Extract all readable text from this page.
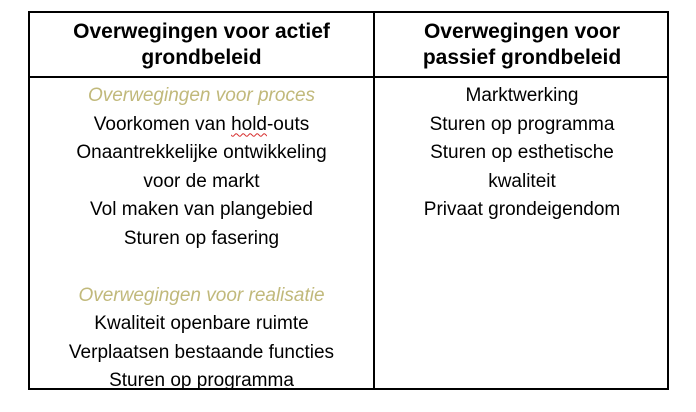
Overwegingen voor actief
grondbeleid
Overwegingen voor proces
Voorkomen van hold-outs
Onaantrekkelijke ontwikkeling
voor de markt
Vol maken van plangebied
Sturen op fasering
Overwegingen voor realisatie
Kwaliteit openbare ruimte
Verplaatsen bestaande functies
Sturen op programma
Overwegingen voor
passief grondbeleid
Marktwerking
Sturen op programma
Sturen op esthetische
kwaliteit
Privaat grondeigendom
